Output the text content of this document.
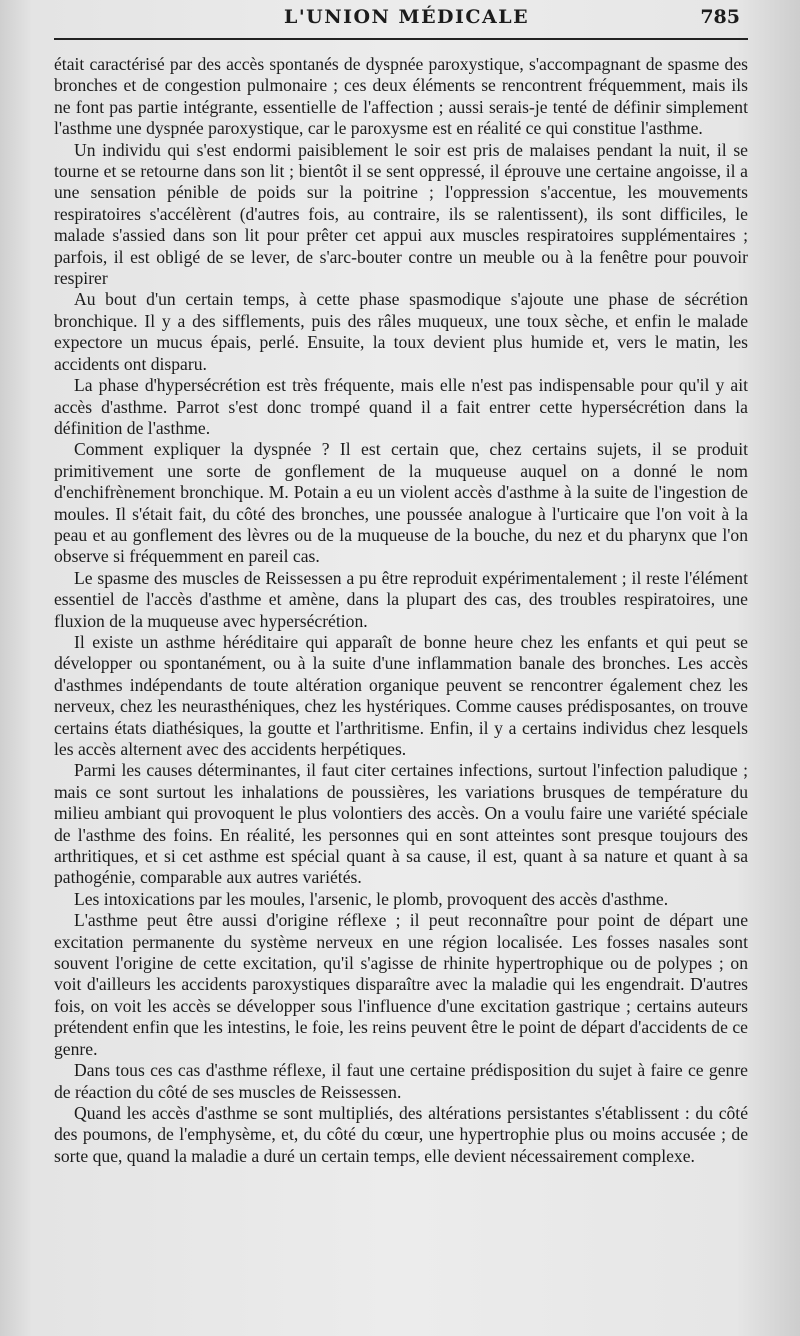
L'UNION MÉDICALE	785

était caractérisé par des accès spontanés de dyspnée paroxystique, s'accompagnant de spasme des bronches et de congestion pulmonaire ; ces deux éléments se rencontrent fréquemment, mais ils ne font pas partie intégrante, essentielle de l'affection ; aussi serais-je tenté de définir simplement l'asthme une dyspnée paroxystique, car le paroxysme est en réalité ce qui constitue l'asthme.

Un individu qui s'est endormi paisiblement le soir est pris de malaises pendant la nuit, il se tourne et se retourne dans son lit ; bientôt il se sent oppressé, il éprouve une certaine angoisse, il a une sensation pénible de poids sur la poitrine ; l'oppression s'accentue, les mouvements respiratoires s'accélèrent (d'autres fois, au contraire, ils se ralentissent), ils sont difficiles, le malade s'assied dans son lit pour prêter cet appui aux muscles respiratoires supplémentaires ; parfois, il est obligé de se lever, de s'arc-bouter contre un meuble ou à la fenêtre pour pouvoir respirer

Au bout d'un certain temps, à cette phase spasmodique s'ajoute une phase de sécrétion bronchique. Il y a des sifflements, puis des râles muqueux, une toux sèche, et enfin le malade expectore un mucus épais, perlé. Ensuite, la toux devient plus humide et, vers le matin, les accidents ont disparu.

La phase d'hypersécrétion est très fréquente, mais elle n'est pas indispensable pour qu'il y ait accès d'asthme. Parrot s'est donc trompé quand il a fait entrer cette hypersécrétion dans la définition de l'asthme.

Comment expliquer la dyspnée ? Il est certain que, chez certains sujets, il se produit primitivement une sorte de gonflement de la muqueuse auquel on a donné le nom d'enchifrènement bronchique. M. Potain a eu un violent accès d'asthme à la suite de l'ingestion de moules. Il s'était fait, du côté des bronches, une poussée analogue à l'urticaire que l'on voit à la peau et au gonflement des lèvres ou de la muqueuse de la bouche, du nez et du pharynx que l'on observe si fréquemment en pareil cas.

Le spasme des muscles de Reissessen a pu être reproduit expérimentalement ; il reste l'élément essentiel de l'accès d'asthme et amène, dans la plupart des cas, des troubles respiratoires, une fluxion de la muqueuse avec hypersécrétion.

Il existe un asthme héréditaire qui apparaît de bonne heure chez les enfants et qui peut se développer ou spontanément, ou à la suite d'une inflammation banale des bronches. Les accès d'asthmes indépendants de toute altération organique peuvent se rencontrer également chez les nerveux, chez les neurasthéniques, chez les hystériques. Comme causes prédisposantes, on trouve certains états diathésiques, la goutte et l'arthritisme. Enfin, il y a certains individus chez lesquels les accès alternent avec des accidents herpétiques.

Parmi les causes déterminantes, il faut citer certaines infections, surtout l'infection paludique ; mais ce sont surtout les inhalations de poussières, les variations brusques de température du milieu ambiant qui provoquent le plus volontiers des accès. On a voulu faire une variété spéciale de l'asthme des foins. En réalité, les personnes qui en sont atteintes sont presque toujours des arthritiques, et si cet asthme est spécial quant à sa cause, il est, quant à sa nature et quant à sa pathogénie, comparable aux autres variétés.

Les intoxications par les moules, l'arsenic, le plomb, provoquent des accès d'asthme.

L'asthme peut être aussi d'origine réflexe ; il peut reconnaître pour point de départ une excitation permanente du système nerveux en une région localisée. Les fosses nasales sont souvent l'origine de cette excitation, qu'il s'agisse de rhinite hypertrophique ou de polypes ; on voit d'ailleurs les accidents paroxystiques disparaître avec la maladie qui les engendrait. D'autres fois, on voit les accès se développer sous l'influence d'une excitation gastrique ; certains auteurs prétendent enfin que les intestins, le foie, les reins peuvent être le point de départ d'accidents de ce genre.

Dans tous ces cas d'asthme réflexe, il faut une certaine prédisposition du sujet à faire ce genre de réaction du côté de ses muscles de Reissessen.

Quand les accès d'asthme se sont multipliés, des altérations persistantes s'établissent : du côté des poumons, de l'emphysème, et, du côté du cœur, une hypertrophie plus ou moins accusée ; de sorte que, quand la maladie a duré un certain temps, elle devient nécessairement complexe.
